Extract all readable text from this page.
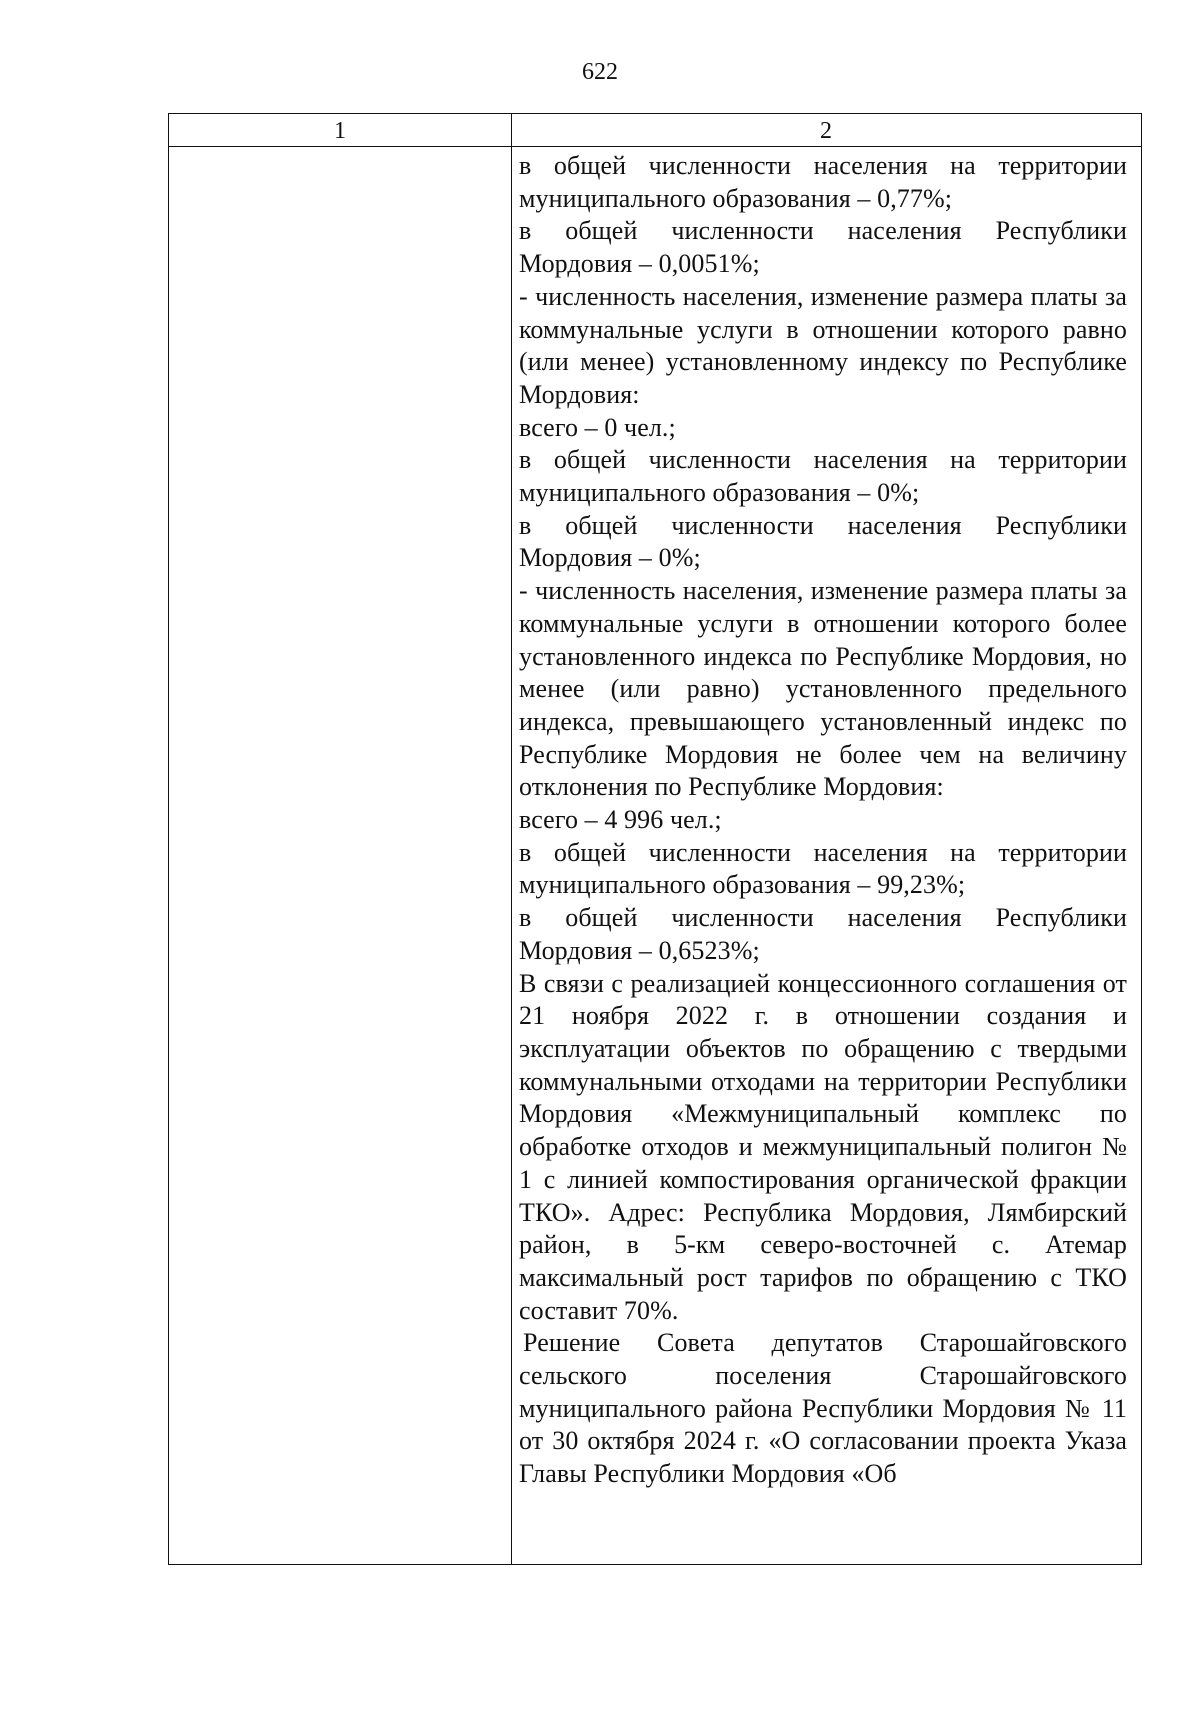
622
1	2

в общей численности населения на территории муниципального образования – 0,77%;

в общей численности населения Республики Мордовия – 0,0051%;

- численность населения, изменение размера платы за коммунальные услуги в отношении которого равно (или менее) установленному индексу по Республике Мордовия:

всего – 0 чел.;

в общей численности населения на территории муниципального образования – 0%;

в общей численности населения Республики Мордовия – 0%;

- численность населения, изменение размера платы за коммунальные услуги в отношении которого более установленного индекса по Республике Мордовия, но менее (или равно) установленного предельного индекса, превышающего установленный индекс по Республике Мордовия не более чем на величину отклонения по Республике Мордовия:

всего – 4 996 чел.;

в общей численности населения на территории муниципального образования – 99,23%;

в общей численности населения Республики Мордовия – 0,6523%;

В связи с реализацией концессионного соглашения от 21 ноября 2022 г. в отношении создания и эксплуатации объектов по обращению с твердыми коммунальными отходами на территории Республики Мордовия «Межмуниципальный комплекс по обработке отходов и межмуниципальный полигон № 1 с линией компостирования органической фракции ТКО». Адрес: Республика Мордовия, Лямбирский район, в 5-км северо-восточней с. Атемар максимальный рост тарифов по обращению с ТКО составит 70%.

Решение Совета депутатов Старошайговского сельского поселения Старошайговского муниципального района Республики Мордовия № 11 от 30 октября 2024 г. «О согласовании проекта Указа Главы Республики Мордовия «Об
